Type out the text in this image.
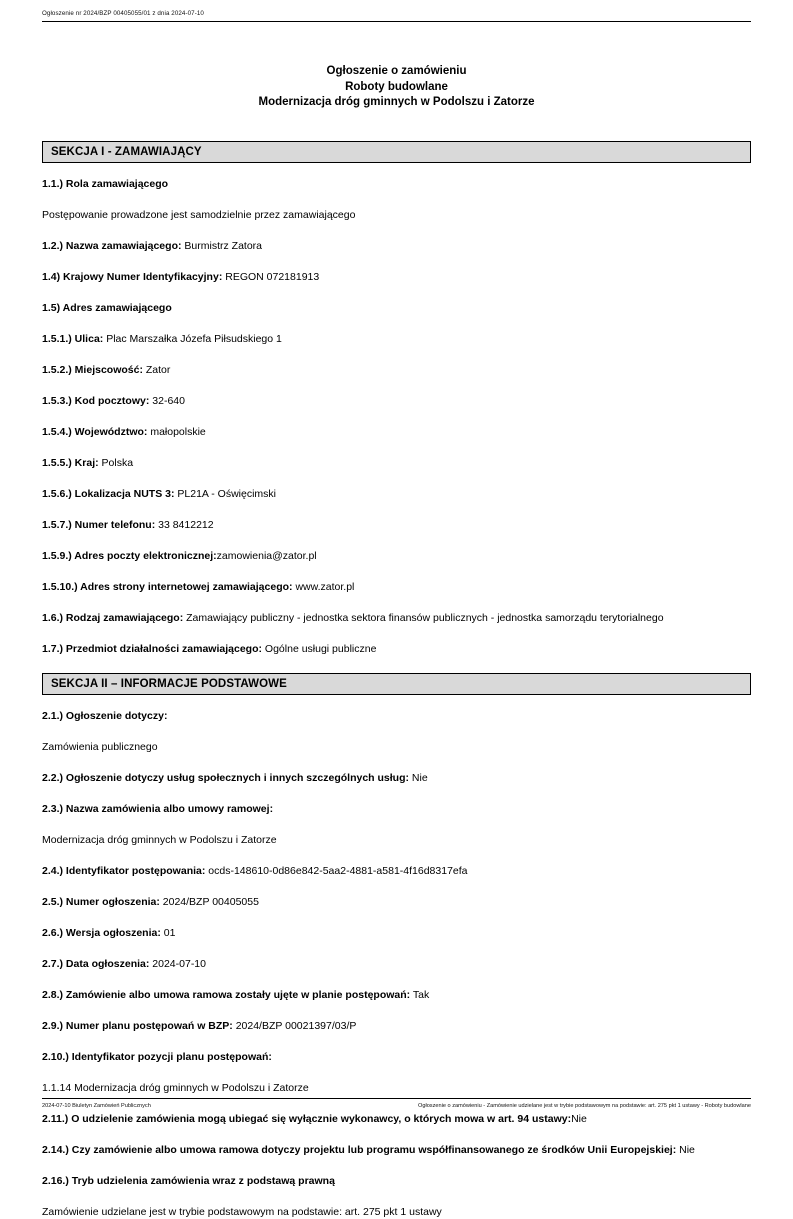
Ogłoszenie nr 2024/BZP 00405055/01 z dnia 2024-07-10
Ogłoszenie o zamówieniu
Roboty budowlane
Modernizacja dróg gminnych w Podolszu i Zatorze
SEKCJA I - ZAMAWIAJĄCY

1.1.) Rola zamawiającego

Postępowanie prowadzone jest samodzielnie przez zamawiającego

1.2.) Nazwa zamawiającego: Burmistrz Zatora

1.4) Krajowy Numer Identyfikacyjny: REGON 072181913

1.5) Adres zamawiającego

1.5.1.) Ulica: Plac Marszałka Józefa Piłsudskiego 1

1.5.2.) Miejscowość: Zator

1.5.3.) Kod pocztowy: 32-640

1.5.4.) Województwo: małopolskie

1.5.5.) Kraj: Polska

1.5.6.) Lokalizacja NUTS 3: PL21A - Oświęcimski

1.5.7.) Numer telefonu: 33 8412212

1.5.9.) Adres poczty elektronicznej:zamowienia@zator.pl

1.5.10.) Adres strony internetowej zamawiającego: www.zator.pl

1.6.) Rodzaj zamawiającego: Zamawiający publiczny - jednostka sektora finansów publicznych - jednostka samorządu terytorialnego

1.7.) Przedmiot działalności zamawiającego: Ogólne usługi publiczne

SEKCJA II – INFORMACJE PODSTAWOWE

2.1.) Ogłoszenie dotyczy:

Zamówienia publicznego

2.2.) Ogłoszenie dotyczy usług społecznych i innych szczególnych usług: Nie

2.3.) Nazwa zamówienia albo umowy ramowej:

Modernizacja dróg gminnych w Podolszu i Zatorze

2.4.) Identyfikator postępowania: ocds-148610-0d86e842-5aa2-4881-a581-4f16d8317efa

2.5.) Numer ogłoszenia: 2024/BZP 00405055

2.6.) Wersja ogłoszenia: 01

2.7.) Data ogłoszenia: 2024-07-10

2.8.) Zamówienie albo umowa ramowa zostały ujęte w planie postępowań: Tak

2.9.) Numer planu postępowań w BZP: 2024/BZP 00021397/03/P

2.10.) Identyfikator pozycji planu postępowań:

1.1.14 Modernizacja dróg gminnych w Podolszu i Zatorze

2.11.) O udzielenie zamówienia mogą ubiegać się wyłącznie wykonawcy, o których mowa w art. 94 ustawy:Nie

2.14.) Czy zamówienie albo umowa ramowa dotyczy projektu lub programu współfinansowanego ze środków Unii Europejskiej: Nie

2.16.) Tryb udzielenia zamówienia wraz z podstawą prawną

Zamówienie udzielane jest w trybie podstawowym na podstawie: art. 275 pkt 1 ustawy

2024-07-10 Biuletyn Zamówień Publicznych	Ogłoszenie o zamówieniu - Zamówienie udzielane jest w trybie podstawowym na podstawie: art. 275 pkt 1 ustawy - Roboty budowlane
